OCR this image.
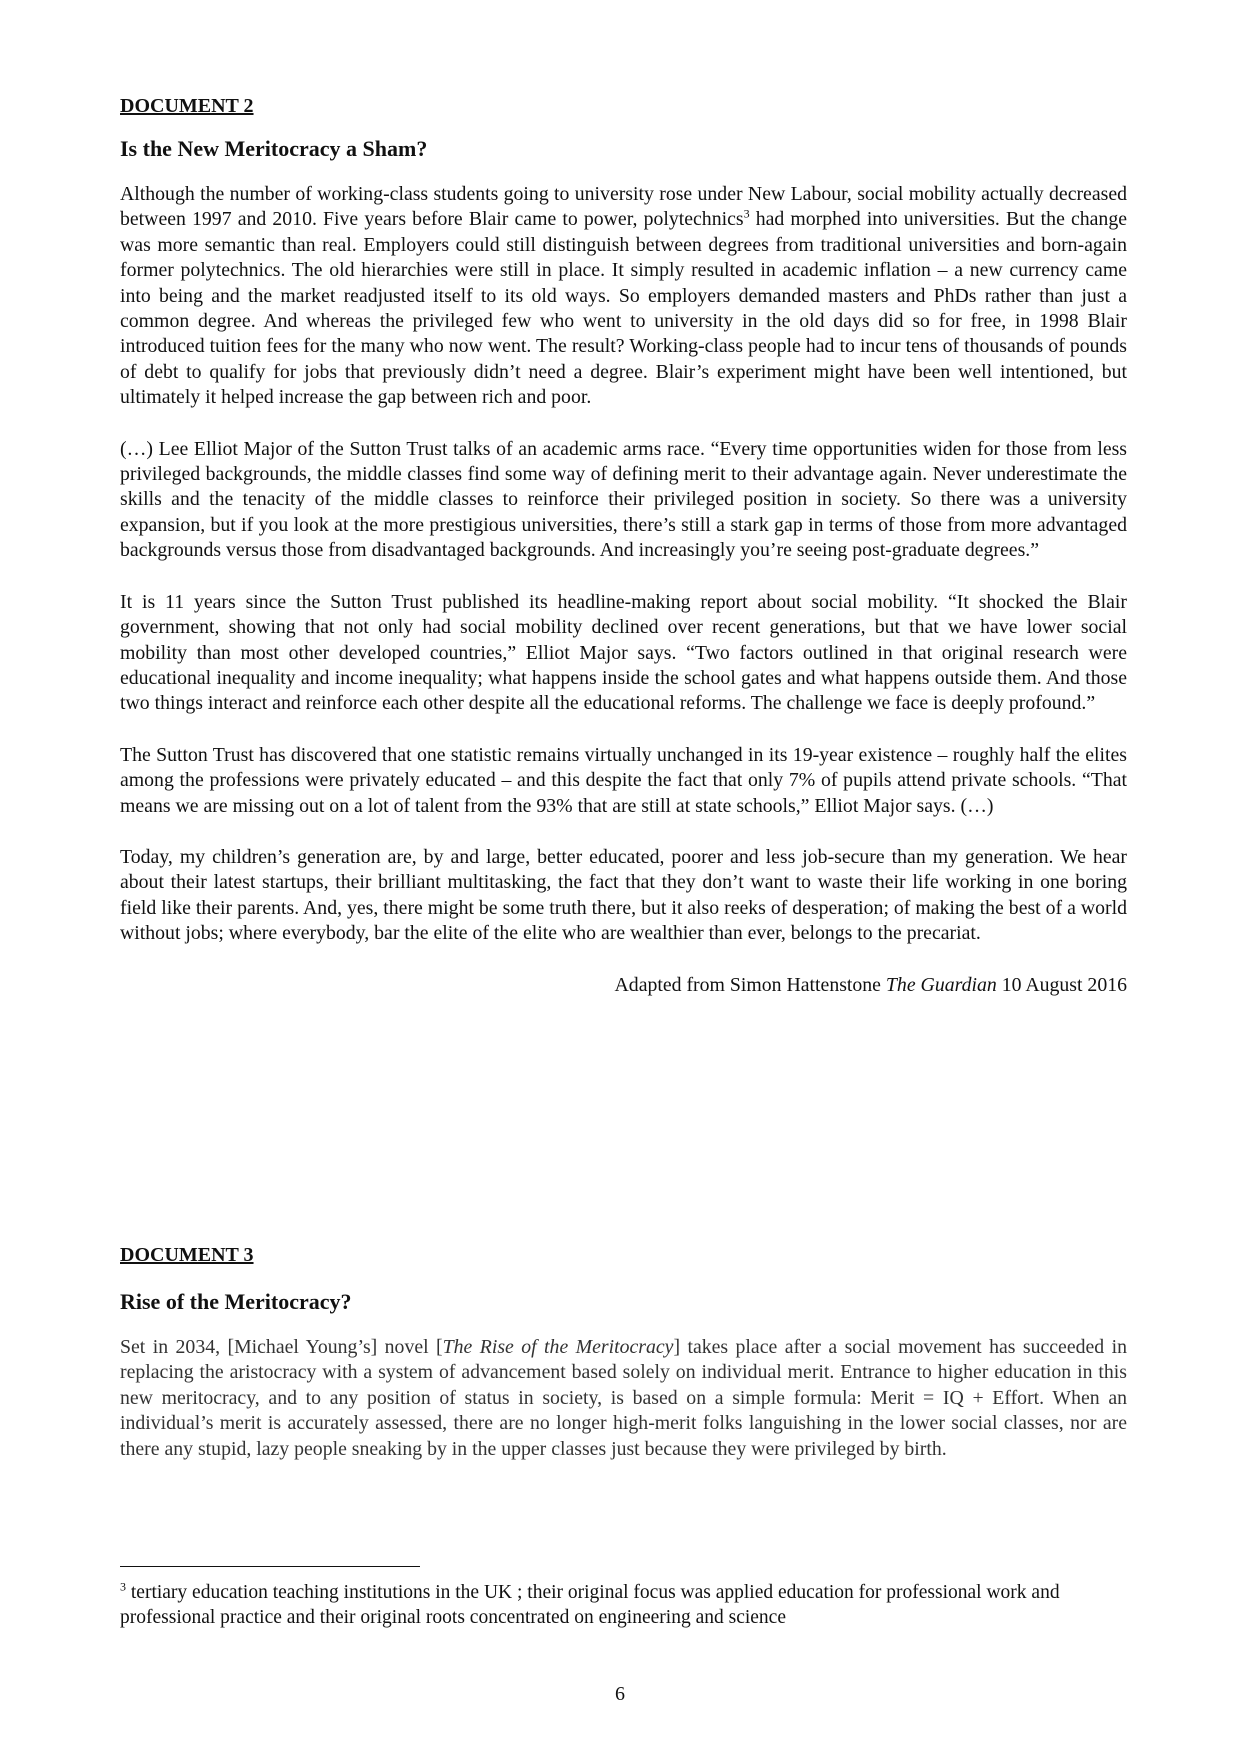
DOCUMENT 2
Is the New Meritocracy a Sham?

Although the number of working-class students going to university rose under New Labour, social mobility actually decreased between 1997 and 2010. Five years before Blair came to power, polytechnics$^3$ had morphed into universities. But the change was more semantic than real. Employers could still distinguish between degrees from traditional universities and born-again former polytechnics. The old hierarchies were still in place. It simply resulted in academic inflation – a new currency came into being and the market readjusted itself to its old ways. So employers demanded masters and PhDs rather than just a common degree. And whereas the privileged few who went to university in the old days did so for free, in 1998 Blair introduced tuition fees for the many who now went. The result? Working-class people had to incur tens of thousands of pounds of debt to qualify for jobs that previously didn’t need a degree. Blair’s experiment might have been well intentioned, but ultimately it helped increase the gap between rich and poor.

(…) Lee Elliot Major of the Sutton Trust talks of an academic arms race. “Every time opportunities widen for those from less privileged backgrounds, the middle classes find some way of defining merit to their advantage again. Never underestimate the skills and the tenacity of the middle classes to reinforce their privileged position in society. So there was a university expansion, but if you look at the more prestigious universities, there’s still a stark gap in terms of those from more advantaged backgrounds versus those from disadvantaged backgrounds. And increasingly you’re seeing post-graduate degrees.”

It is 11 years since the Sutton Trust published its headline-making report about social mobility. “It shocked the Blair government, showing that not only had social mobility declined over recent generations, but that we have lower social mobility than most other developed countries,” Elliot Major says. “Two factors outlined in that original research were educational inequality and income inequality; what happens inside the school gates and what happens outside them. And those two things interact and reinforce each other despite all the educational reforms. The challenge we face is deeply profound.”

The Sutton Trust has discovered that one statistic remains virtually unchanged in its 19-year existence – roughly half the elites among the professions were privately educated – and this despite the fact that only 7% of pupils attend private schools. “That means we are missing out on a lot of talent from the 93% that are still at state schools,” Elliot Major says. (…)

Today, my children’s generation are, by and large, better educated, poorer and less job-secure than my generation. We hear about their latest startups, their brilliant multitasking, the fact that they don’t want to waste their life working in one boring field like their parents. And, yes, there might be some truth there, but it also reeks of desperation; of making the best of a world without jobs; where everybody, bar the elite of the elite who are wealthier than ever, belongs to the precariat.

Adapted from Simon Hattenstone The Guardian 10 August 2016
DOCUMENT 3
Rise of the Meritocracy?

Set in 2034, [Michael Young’s] novel [The Rise of the Meritocracy] takes place after a social movement has succeeded in replacing the aristocracy with a system of advancement based solely on individual merit. Entrance to higher education in this new meritocracy, and to any position of status in society, is based on a simple formula: Merit = IQ + Effort. When an individual’s merit is accurately assessed, there are no longer high-merit folks languishing in the lower social classes, nor are there any stupid, lazy people sneaking by in the upper classes just because they were privileged by birth.

$^3$ tertiary education teaching institutions in the UK ; their original focus was applied education for professional work and professional practice and their original roots concentrated on engineering and science
6
